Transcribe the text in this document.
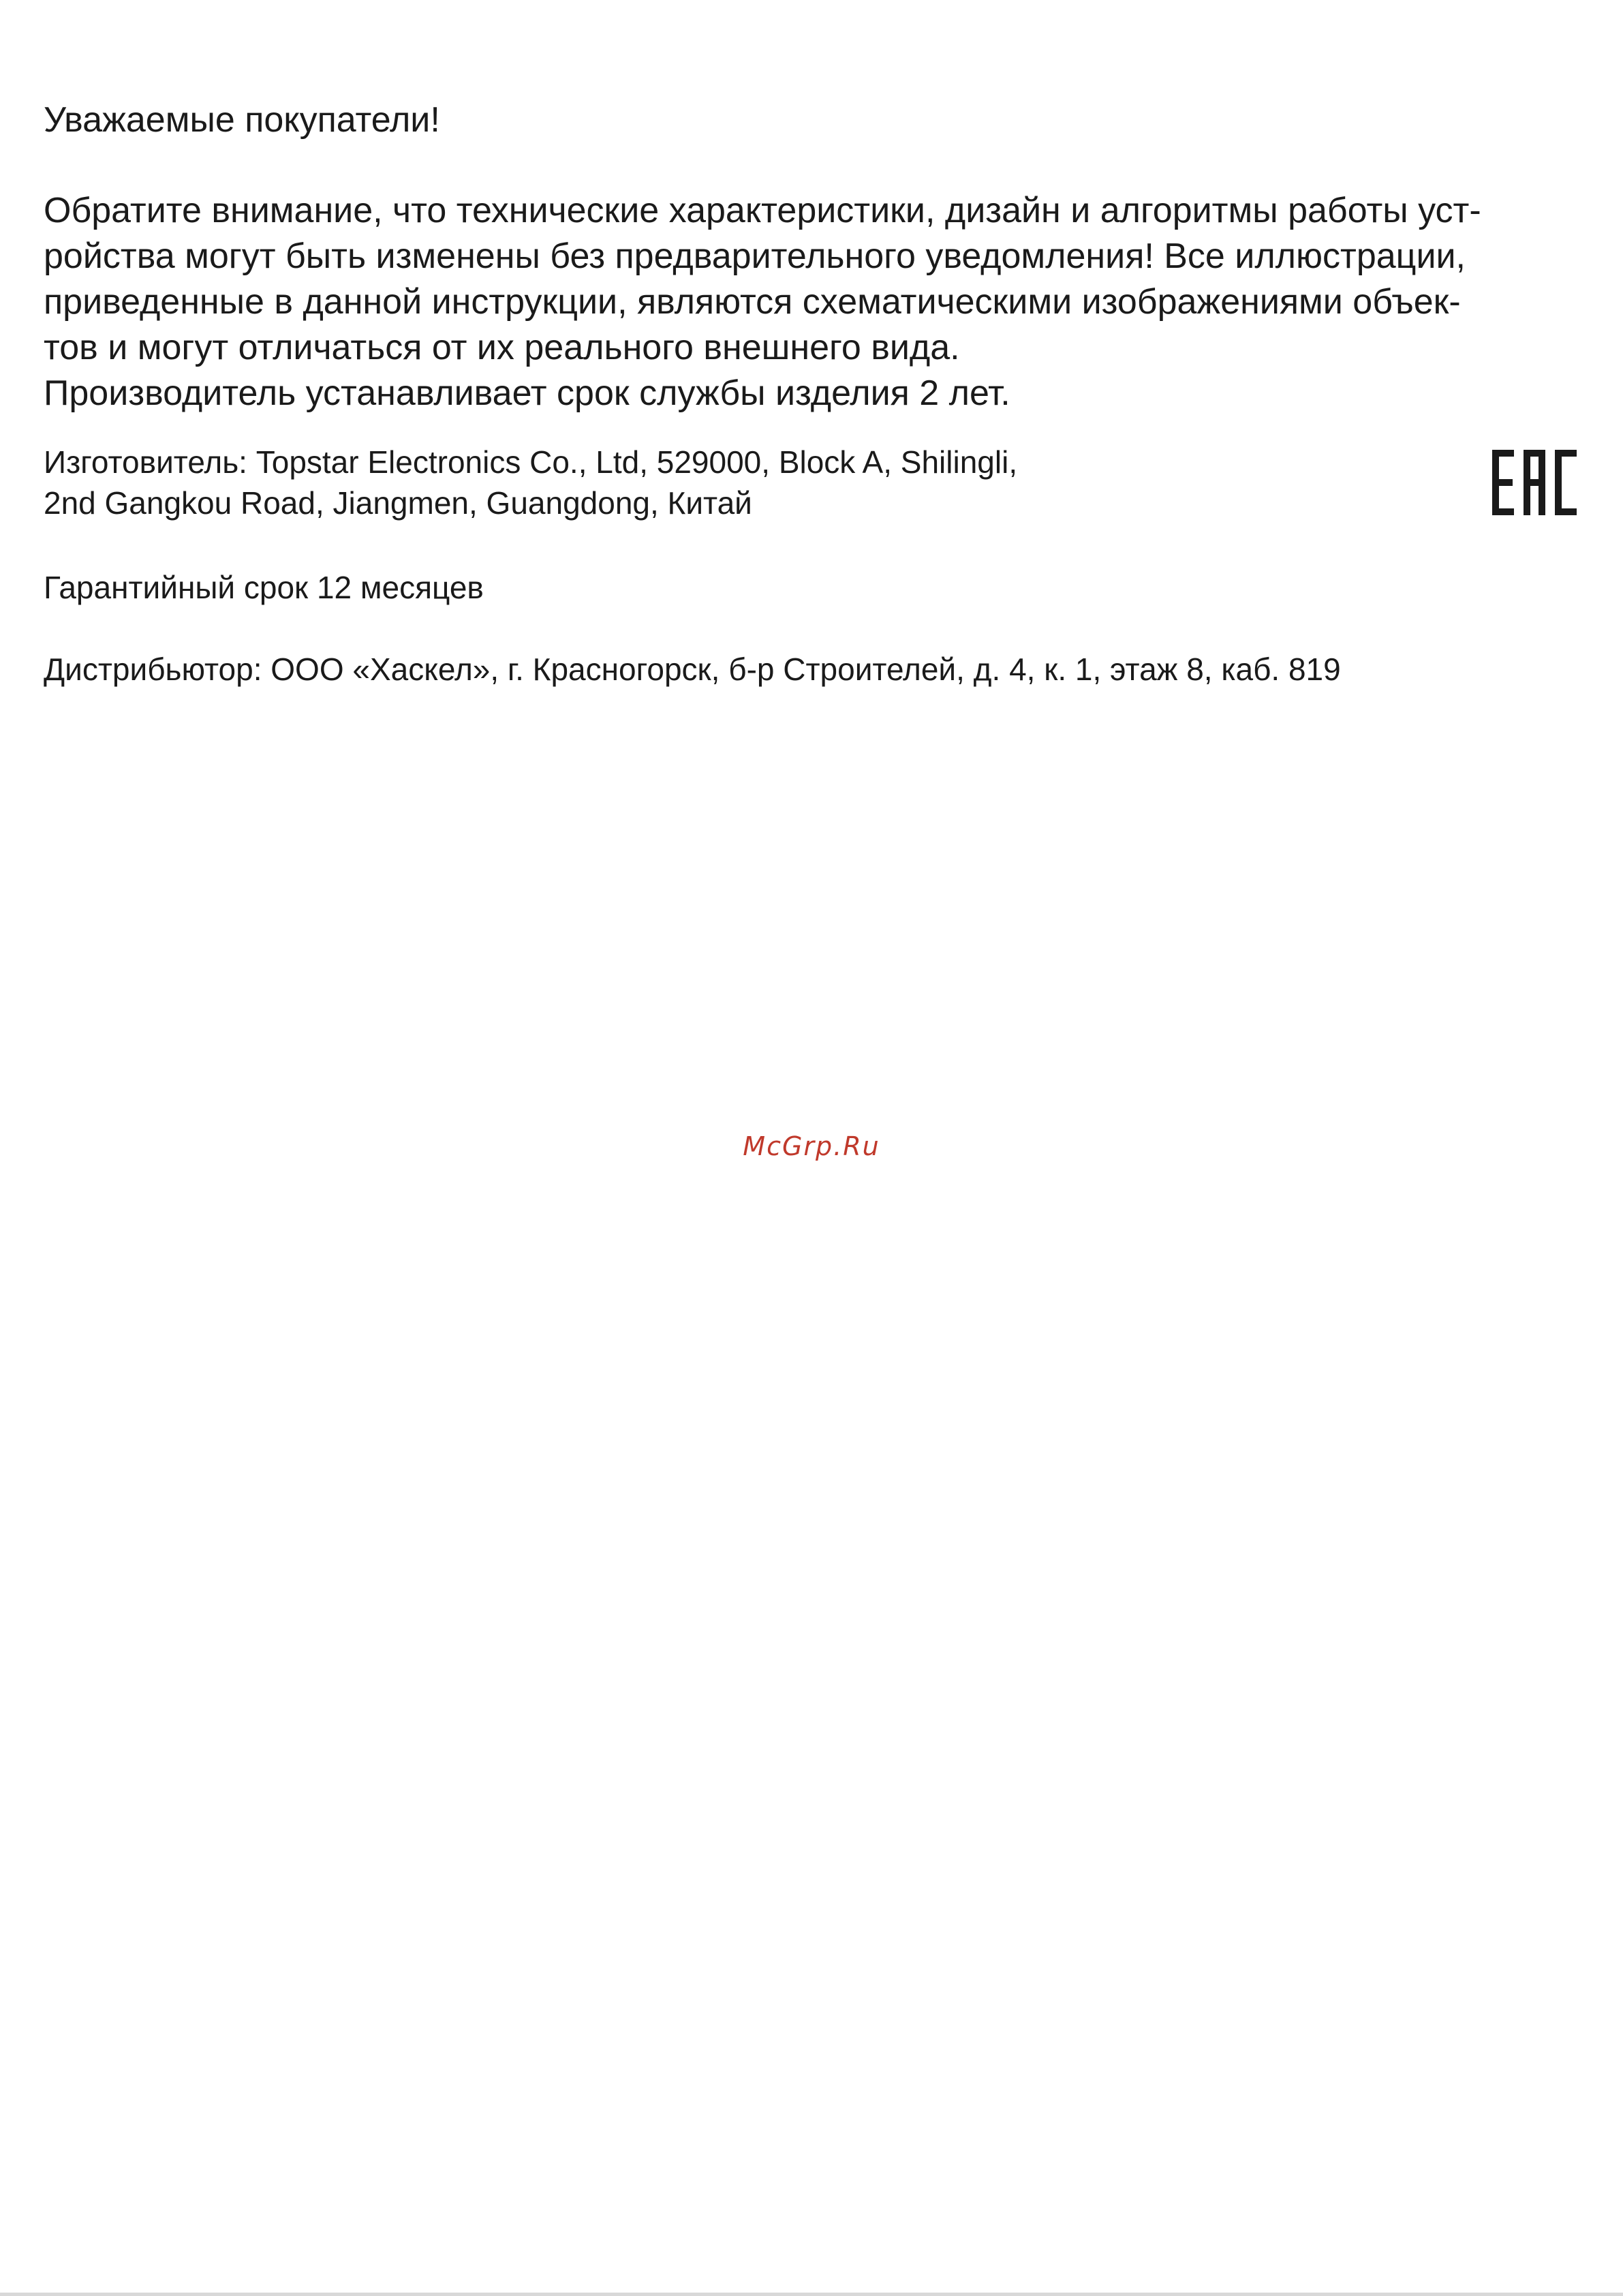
Уважаемые покупатели!

Обратите внимание, что технические характеристики, дизайн и алгоритмы работы уст-
ройства могут быть изменены без предварительного уведомления! Все иллюстрации,
приведенные в данной инструкции, являются схематическими изображениями объек-
тов и могут отличаться от их реального внешнего вида.
Производитель устанавливает срок службы изделия 2 лет.

Изготовитель: Topstar Electronics Co., Ltd, 529000, Block A, Shilingli,
2nd Gangkou Road, Jiangmen, Guangdong, Китай

Гарантийный срок 12 месяцев

Дистрибьютор: ООО «Хаскел», г. Красногорск, б-р Строителей, д. 4, к. 1, этаж 8, каб. 819

McGrp.Ru
